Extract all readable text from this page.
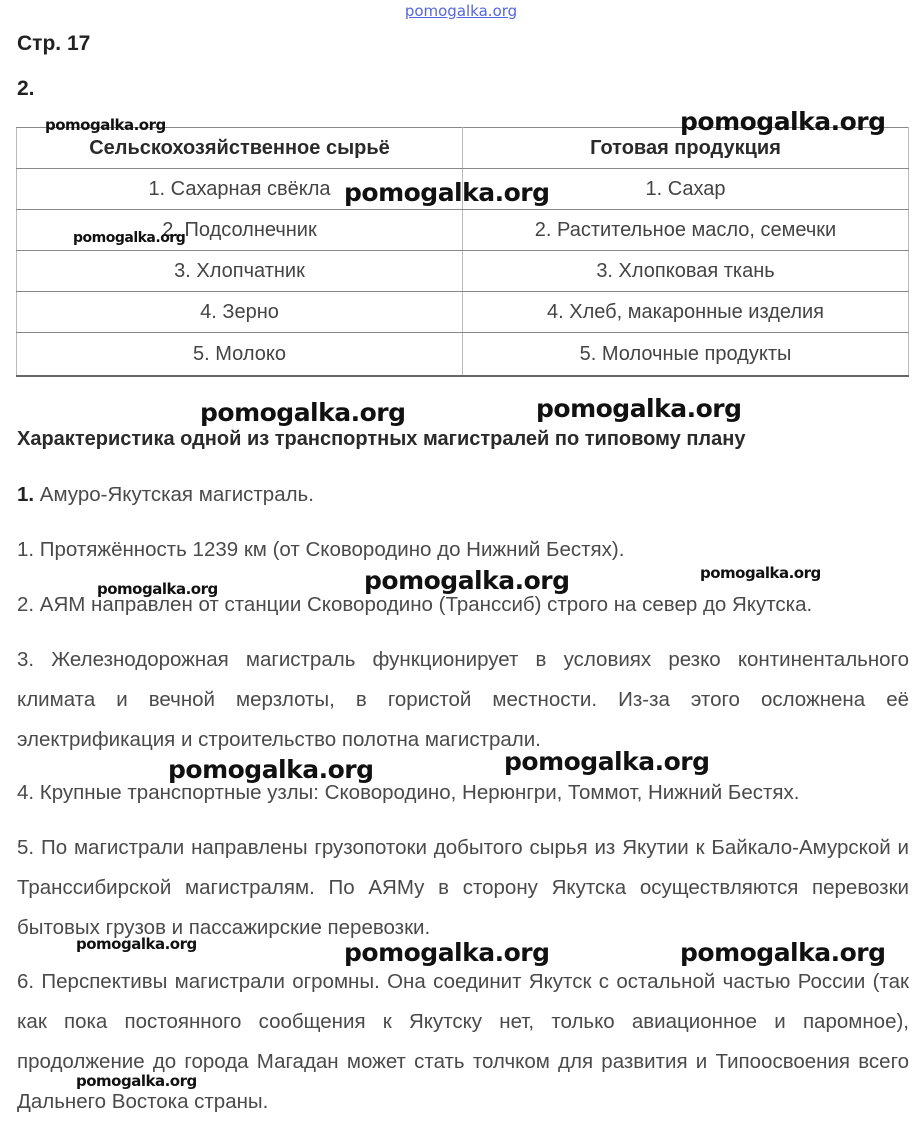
pomogalka.org
Стр. 17
2.
Сельскохозяйственное сырьё	Готовая продукция
1. Сахарная свёкла	1. Сахар
2. Подсолнечник	2. Растительное масло, семечки
3. Хлопчатник	3. Хлопковая ткань
4. Зерно	4. Хлеб, макаронные изделия
5. Молоко	5. Молочные продукты
Характеристика одной из транспортных магистралей по типовому плану
1. Амуро-Якутская магистраль.
1. Протяжённость 1239 км (от Сковородино до Нижний Бестях).
2. АЯМ направлен от станции Сковородино (Транссиб) строго на север до Якутска.
3. Железнодорожная магистраль функционирует в условиях резко континентального климата и вечной мерзлоты, в гористой местности. Из-за этого осложнена её электрификация и строительство полотна магистрали.
4. Крупные транспортные узлы: Сковородино, Нерюнгри, Томмот, Нижний Бестях.
5. По магистрали направлены грузопотоки добытого сырья из Якутии к Байкало-Амурской и Транссибирской магистралям. По АЯМу в сторону Якутска осуществляются перевозки бытовых грузов и пассажирские перевозки.
6. Перспективы магистрали огромны. Она соединит Якутск с остальной частью России (так как пока постоянного сообщения к Якутску нет, только авиационное и паромное), продолжение до города Магадан может стать толчком для развития и Типоосвоения всего Дальнего Востока страны.
pomogalka.org	pomogalka.org
pomogalka.org
pomogalka.org
pomogalka.org	pomogalka.org
pomogalka.org	pomogalka.org	pomogalka.org
pomogalka.org	pomogalka.org
pomogalka.org	pomogalka.org	pomogalka.org
pomogalka.org
